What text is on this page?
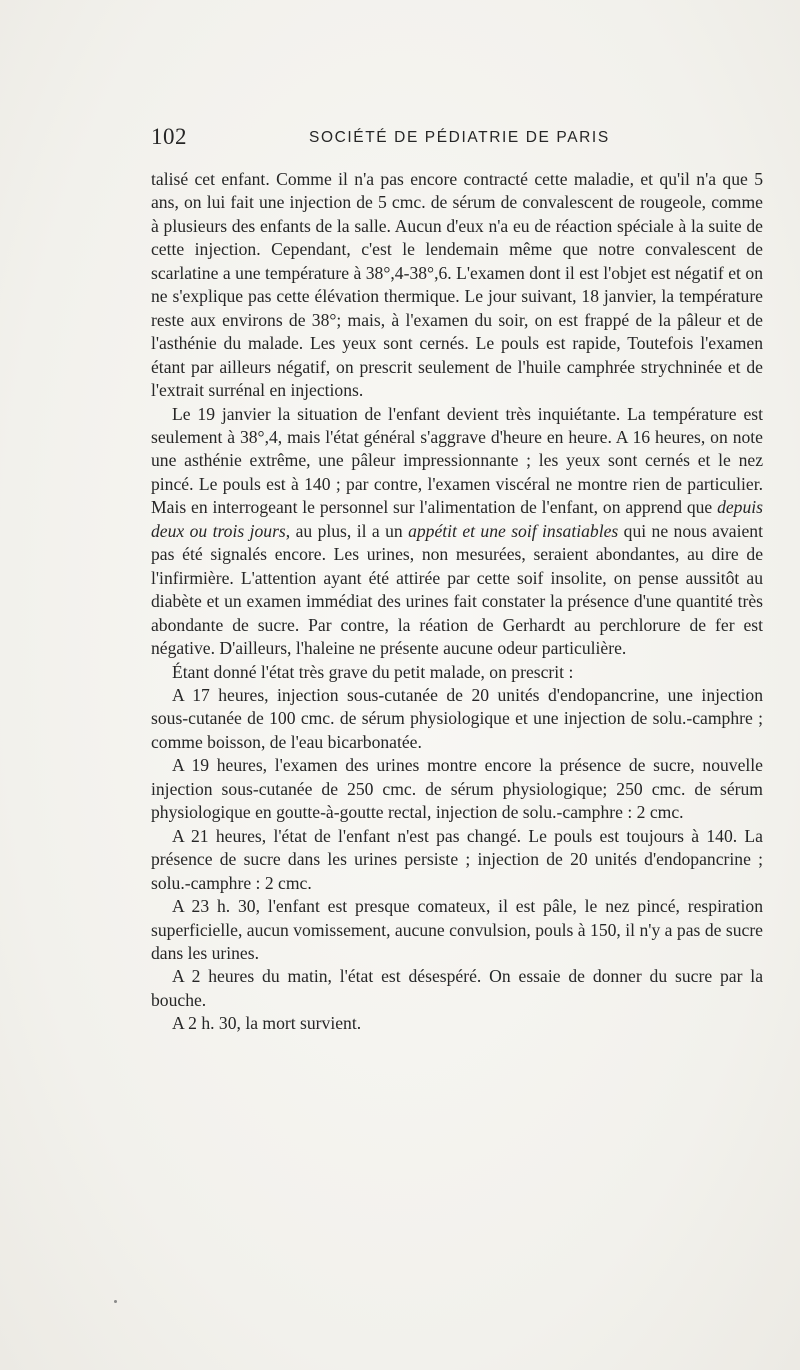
102	SOCIÉTÉ DE PÉDIATRIE DE PARIS

talisé cet enfant. Comme il n'a pas encore contracté cette maladie, et qu'il n'a que 5 ans, on lui fait une injection de 5 cmc. de sérum de convalescent de rougeole, comme à plusieurs des enfants de la salle. Aucun d'eux n'a eu de réaction spéciale à la suite de cette injection. Cependant, c'est le lendemain même que notre convalescent de scarlatine a une température à 38°,4-38°,6. L'examen dont il est l'objet est négatif et on ne s'explique pas cette élévation thermique. Le jour suivant, 18 janvier, la température reste aux environs de 38°; mais, à l'examen du soir, on est frappé de la pâleur et de l'asthénie du malade. Les yeux sont cernés. Le pouls est rapide, Toutefois l'examen étant par ailleurs négatif, on prescrit seulement de l'huile camphrée strychninée et de l'extrait surrénal en injections.

Le 19 janvier la situation de l'enfant devient très inquiétante. La température est seulement à 38°,4, mais l'état général s'aggrave d'heure en heure. A 16 heures, on note une asthénie extrême, une pâleur impressionnante ; les yeux sont cernés et le nez pincé. Le pouls est à 140 ; par contre, l'examen viscéral ne montre rien de particulier. Mais en interrogeant le personnel sur l'alimentation de l'enfant, on apprend que depuis deux ou trois jours, au plus, il a un appétit et une soif insatiables qui ne nous avaient pas été signalés encore. Les urines, non mesurées, seraient abondantes, au dire de l'infirmière. L'attention ayant été attirée par cette soif insolite, on pense aussitôt au diabète et un examen immédiat des urines fait constater la présence d'une quantité très abondante de sucre. Par contre, la réation de Gerhardt au perchlorure de fer est négative. D'ailleurs, l'haleine ne présente aucune odeur particulière.

Étant donné l'état très grave du petit malade, on prescrit :

A 17 heures, injection sous-cutanée de 20 unités d'endopancrine, une injection sous-cutanée de 100 cmc. de sérum physiologique et une injection de solu.-camphre ; comme boisson, de l'eau bicarbonatée.

A 19 heures, l'examen des urines montre encore la présence de sucre, nouvelle injection sous-cutanée de 250 cmc. de sérum physiologique; 250 cmc. de sérum physiologique en goutte-à-goutte rectal, injection de solu.-camphre : 2 cmc.

A 21 heures, l'état de l'enfant n'est pas changé. Le pouls est toujours à 140. La présence de sucre dans les urines persiste ; injection de 20 unités d'endopancrine ; solu.-camphre : 2 cmc.

A 23 h. 30, l'enfant est presque comateux, il est pâle, le nez pincé, respiration superficielle, aucun vomissement, aucune convulsion, pouls à 150, il n'y a pas de sucre dans les urines.

A 2 heures du matin, l'état est désespéré. On essaie de donner du sucre par la bouche.

A 2 h. 30, la mort survient.
